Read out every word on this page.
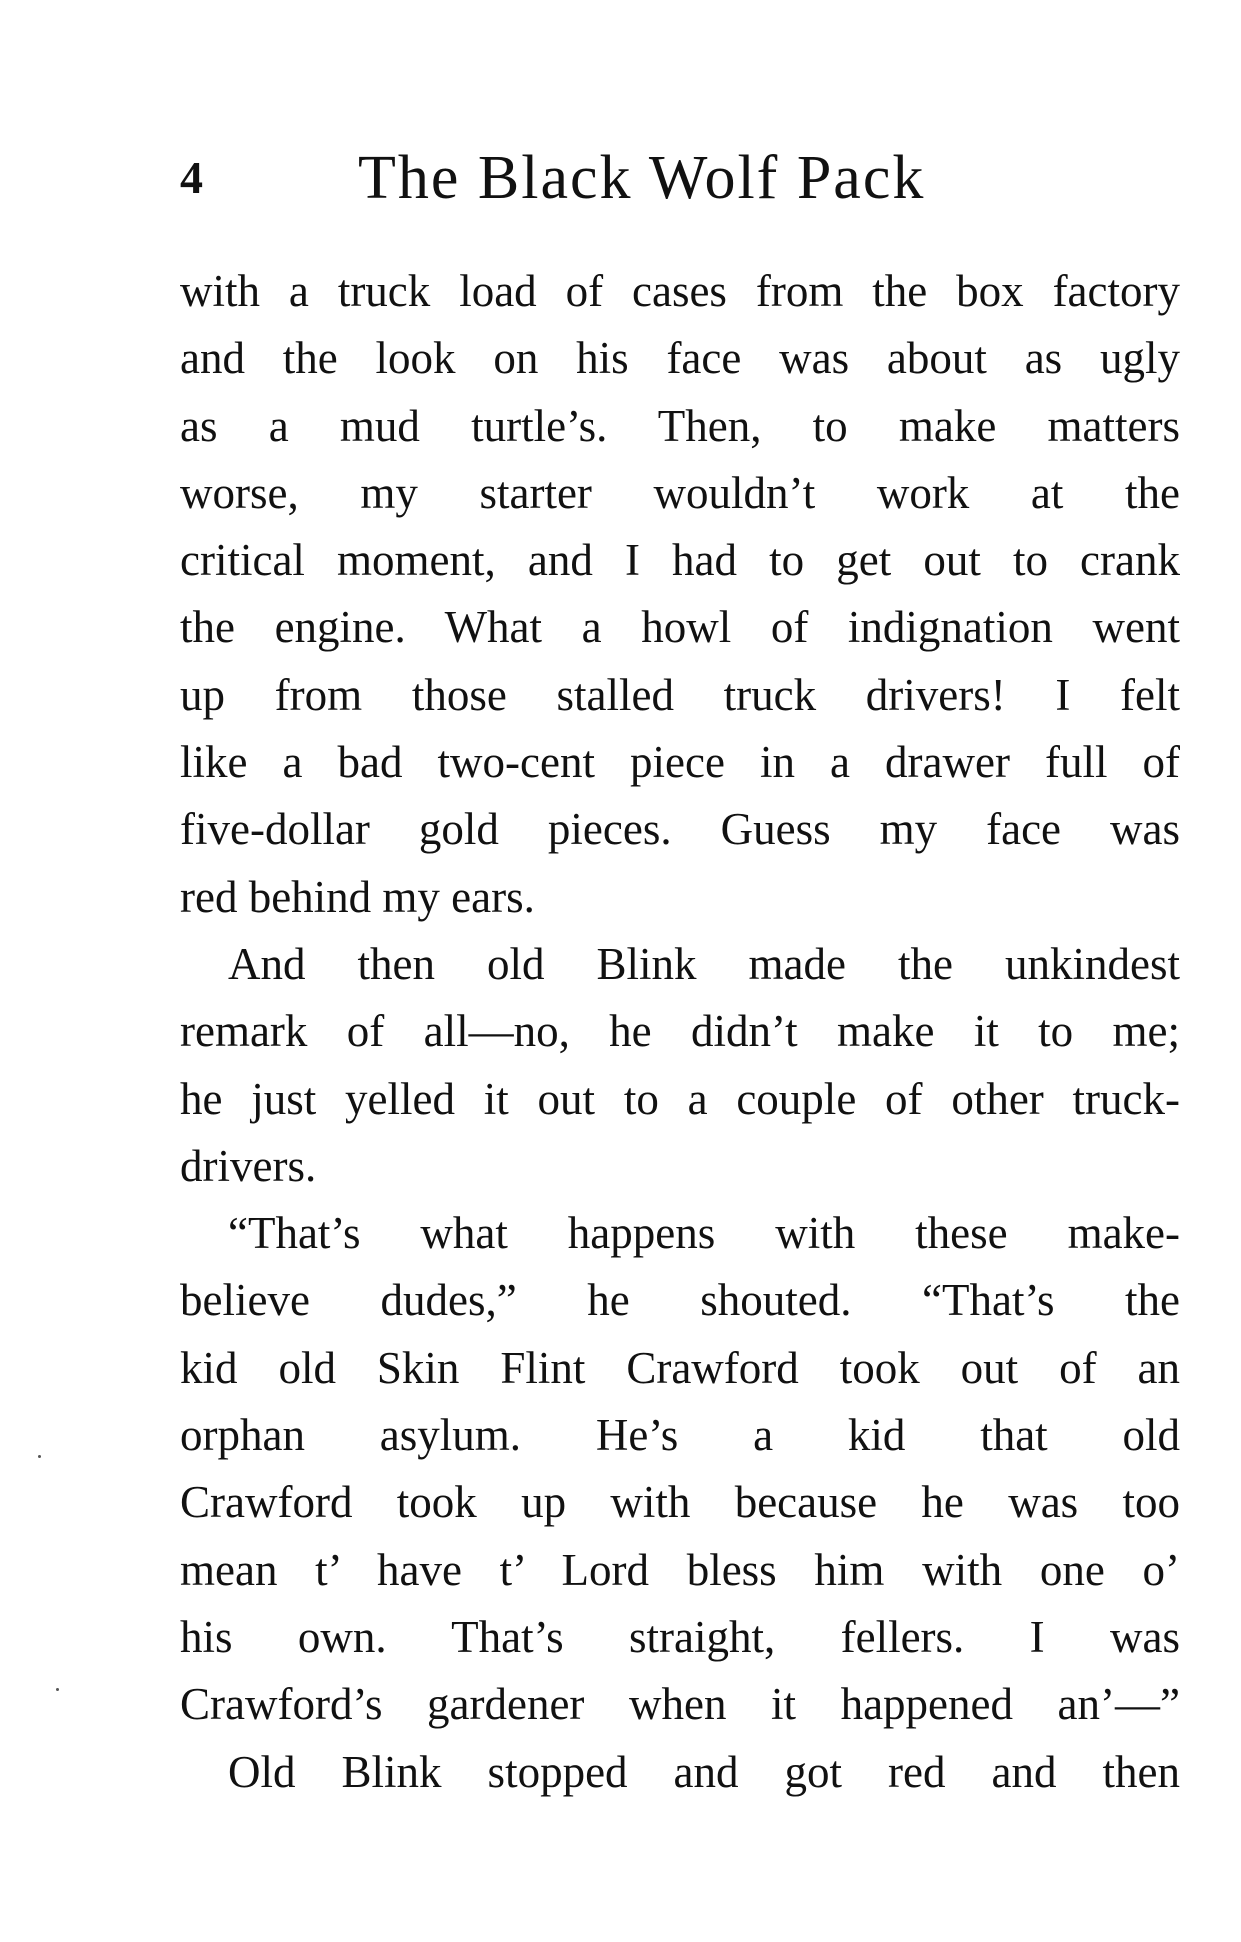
4	The Black Wolf Pack
with a truck load of cases from the box factory
and the look on his face was about as ugly
as a mud turtle’s. Then, to make matters
worse, my starter wouldn’t work at the
critical moment, and I had to get out to crank
the engine. What a howl of indignation went
up from those stalled truck drivers! I felt
like a bad two-cent piece in a drawer full of
five-dollar gold pieces. Guess my face was
red behind my ears.
And then old Blink made the unkindest
remark of all—no, he didn’t make it to me;
he just yelled it out to a couple of other truck-
drivers.
“That’s what happens with these make-
believe dudes,” he shouted. “That’s the
kid old Skin Flint Crawford took out of an
orphan asylum. He’s a kid that old
Crawford took up with because he was too
mean t’ have t’ Lord bless him with one o’
his own. That’s straight, fellers. I was
Crawford’s gardener when it happened an’—”
Old Blink stopped and got red and then
